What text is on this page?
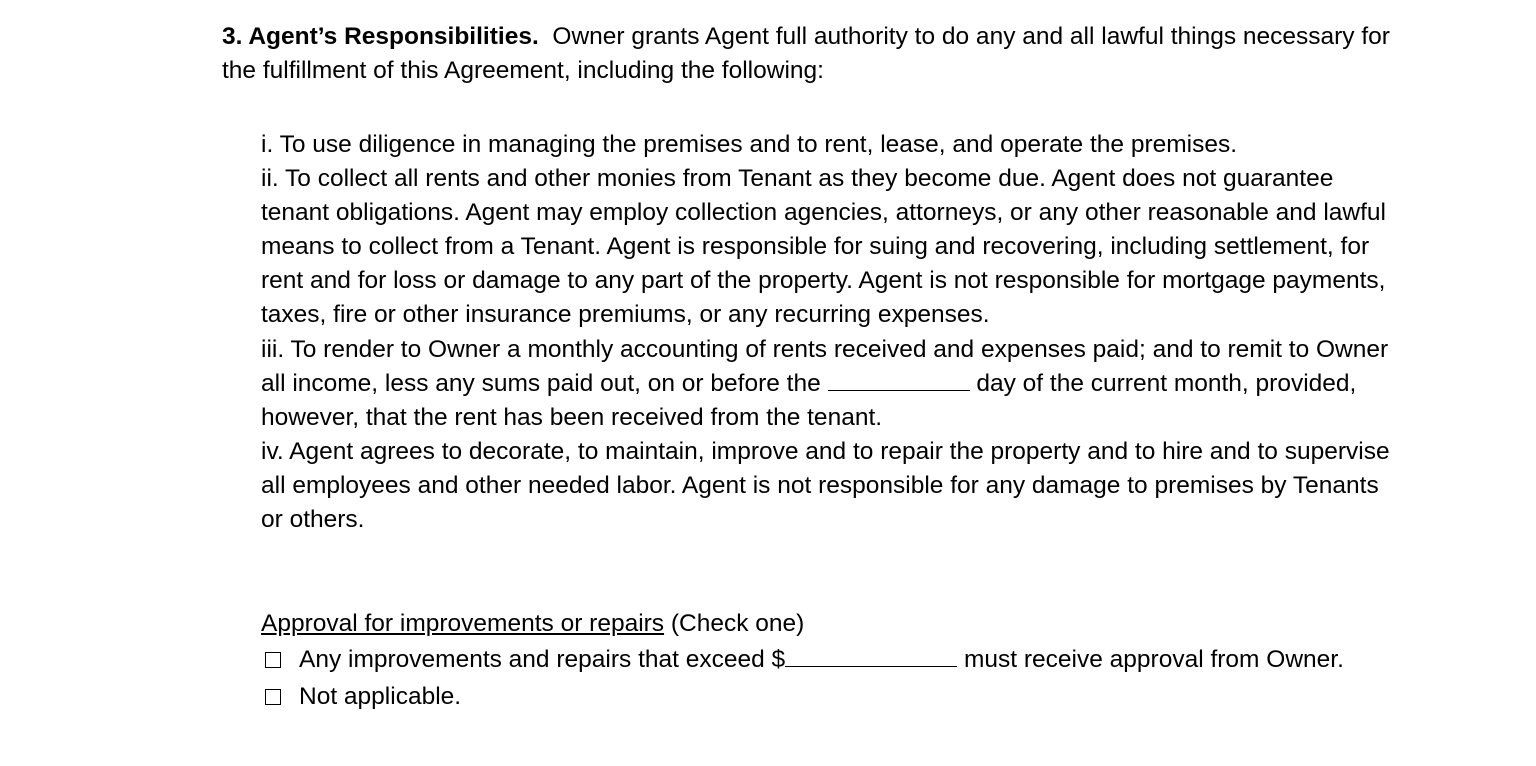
3. Agent’s Responsibilities. Owner grants Agent full authority to do any and all lawful things necessary for the fulfillment of this Agreement, including the following:

i. To use diligence in managing the premises and to rent, lease, and operate the premises.

ii. To collect all rents and other monies from Tenant as they become due. Agent does not guarantee tenant obligations. Agent may employ collection agencies, attorneys, or any other reasonable and lawful means to collect from a Tenant. Agent is responsible for suing and recovering, including settlement, for rent and for loss or damage to any part of the property. Agent is not responsible for mortgage payments, taxes, fire or other insurance premiums, or any recurring expenses.

iii. To render to Owner a monthly accounting of rents received and expenses paid; and to remit to Owner all income, less any sums paid out, on or before the	day of the current month, provided, however, that the rent has been received from the tenant.

iv. Agent agrees to decorate, to maintain, improve and to repair the property and to hire and to supervise all employees and other needed labor. Agent is not responsible for any damage to premises by Tenants or others.

Approval for improvements or repairs (Check one)
Any improvements and repairs that exceed $	must receive approval from Owner.
Not applicable.
